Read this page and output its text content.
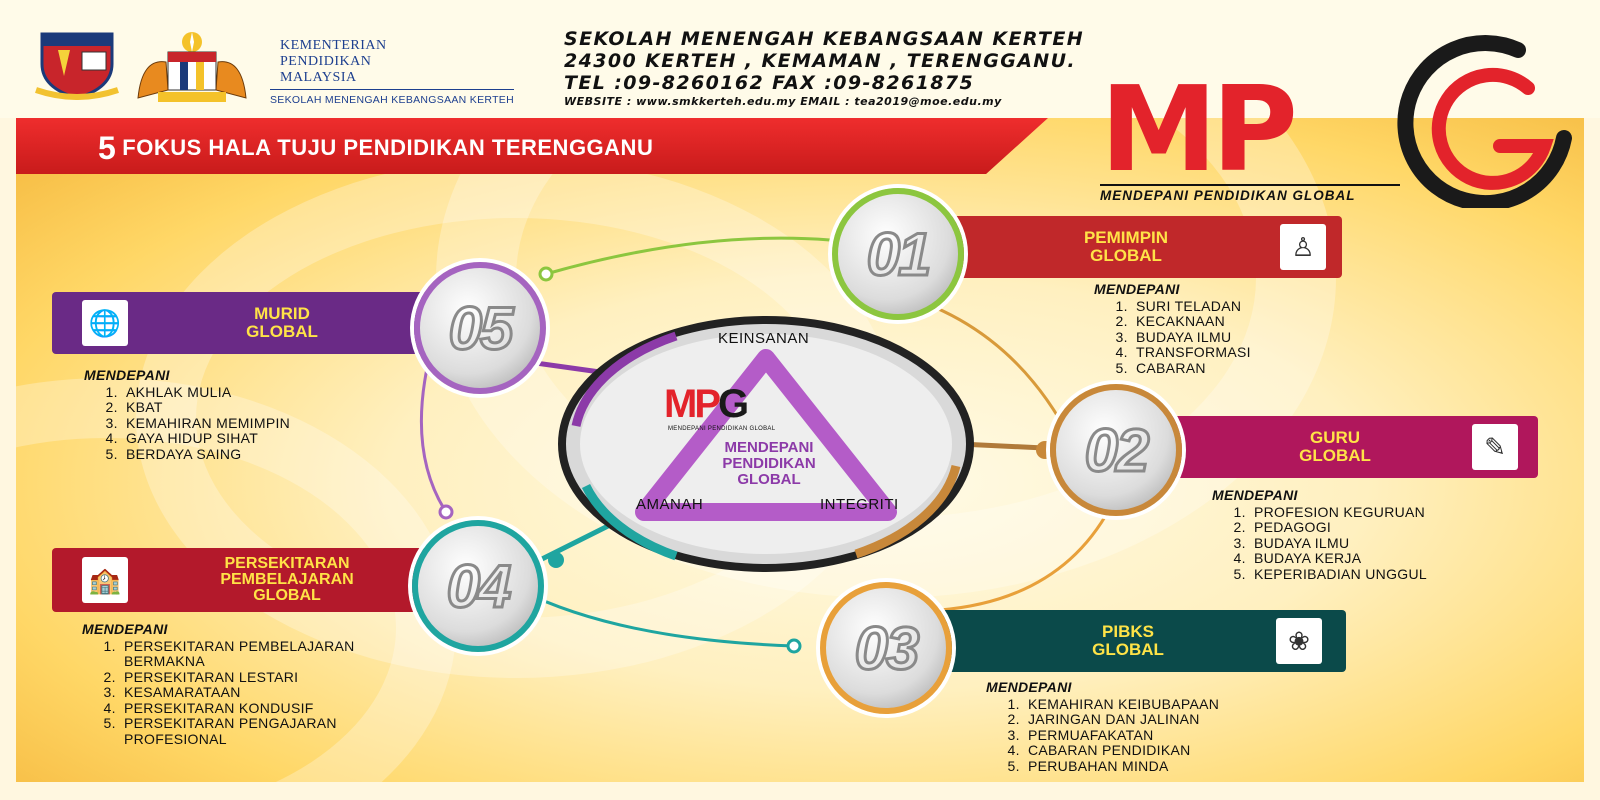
KEMENTERIAN
PENDIDIKAN
MALAYSIA
SEKOLAH MENENGAH KEBANGSAAN KERTEH
SEKOLAH MENENGAH KEBANGSAAN KERTEH
24300 KERTEH , KEMAMAN , TERENGGANU.
TEL :09-8260162 FAX :09-8261875
WEBSITE : www.smkkerteh.edu.my EMAIL : tea2019@moe.edu.my MP
MENDEPANI PENDIDIKAN GLOBAL
5 FOKUS HALA TUJU PENDIDIKAN TERENGGANU
KEINSANAN
AMANAH	INTEGRITI
MPG
MENDEPANI PENDIDIKAN GLOBAL
MENDEPANI
PENDIDIKAN
GLOBAL
PEMIMPIN
GLOBAL	♙
01
MENDEPANI
1. SURI TELADAN
2. KECAKNAAN
3. BUDAYA ILMU
4. TRANSFORMASI
5. CABARAN
GURU
GLOBAL	✎
02
MENDEPANI
1. PROFESION KEGURUAN
2. PEDAGOGI
3. BUDAYA ILMU
4. BUDAYA KERJA
5. KEPERIBADIAN UNGGUL
PIBKS
GLOBAL	❀
03
MENDEPANI
1. KEMAHIRAN KEIBUBAPAAN
2. JARINGAN DAN JALINAN
3. PERMUAFAKATAN
4. CABARAN PENDIDIKAN
5. PERUBAHAN MINDA
PERSEKITARAN
PEMBELAJARAN
GLOBAL
🏫	04
MENDEPANI
1. PERSEKITARAN PEMBELAJARAN BERMAKNA
2. PERSEKITARAN LESTARI
3. KESAMARATAAN
4. PERSEKITARAN KONDUSIF
5. PERSEKITARAN PENGAJARAN PROFESIONAL
MURID
GLOBAL
🌐	05
MENDEPANI
1. AKHLAK MULIA
2. KBAT
3. KEMAHIRAN MEMIMPIN
4. GAYA HIDUP SIHAT
5. BERDAYA SAING
